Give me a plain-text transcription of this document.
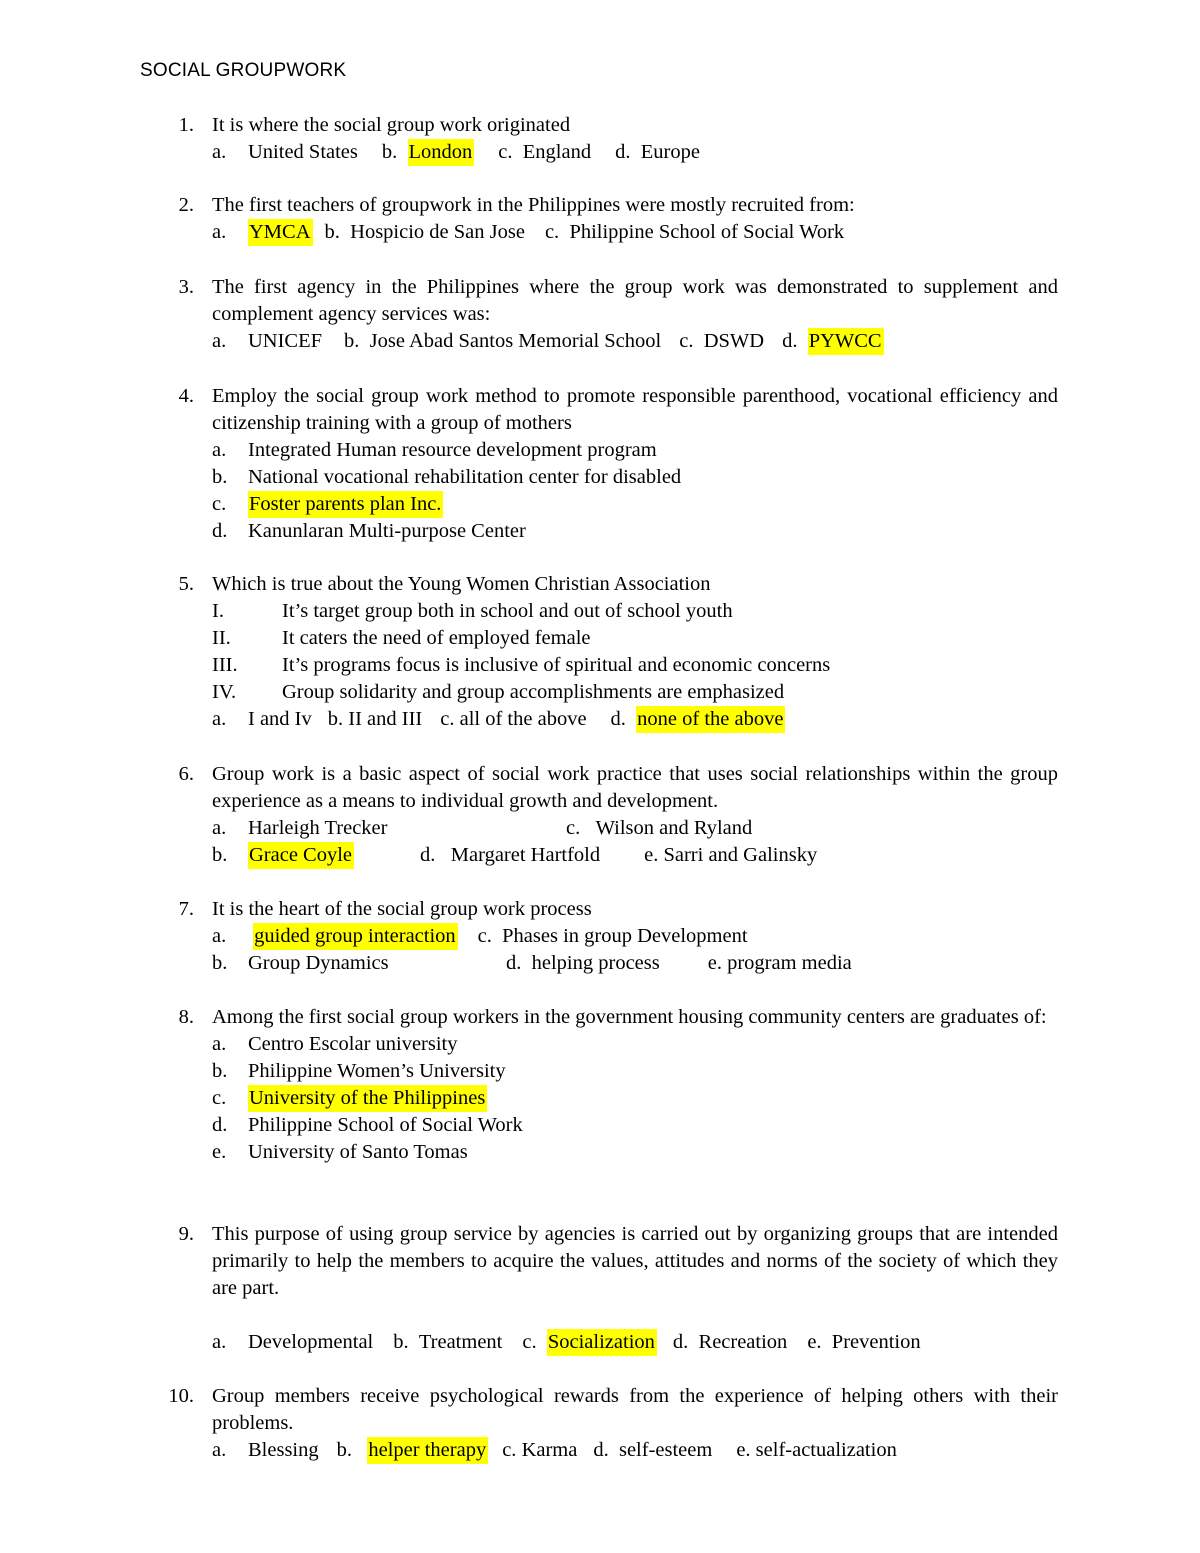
SOCIAL GROUPWORK
1. It is where the social group work originated
a. United States b.  London c.  England d.  Europe
2. The first teachers of groupwork in the Philippines were mostly recruited from:
a. YMCA b.  Hospicio de San Jose c.  Philippine School of Social Work
3. The first agency in the Philippines where the group work was demonstrated to supplement and complement agency services was:
a. UNICEF b.  Jose Abad Santos Memorial School c.  DSWD d.  PYWCC
4. Employ the social group work method to promote responsible parenthood, vocational efficiency and citizenship training with a group of mothers
a. Integrated Human resource development program
b. National vocational rehabilitation center for disabled
c. Foster parents plan Inc.
d. Kanunlaran Multi-purpose Center
5. Which is true about the Young Women Christian Association
I.	It’s target group both in school and out of school youth
II. It caters the need of employed female
III. It’s programs focus is inclusive of spiritual and economic concerns
IV. Group solidarity and group accomplishments are emphasized
a. I and Iv b. II and III c. all of the above d.  none of the above
6. Group work is a basic aspect of social work practice that uses social relationships within the group experience as a means to individual growth and development.
a. Harleigh Trecker	c.   Wilson and Ryland
b. Grace Coyle	d.   Margaret Hartfold e. Sarri and Galinsky
7. It is the heart of the social group work process
a. guided group interaction c.  Phases in group Development
b. Group Dynamics	d.  helping process e. program media
8. Among the first social group workers in the government housing community centers are graduates of:
a. Centro Escolar university
b. Philippine Women’s University
c. University of the Philippines
d. Philippine School of Social Work
e. University of Santo Tomas
9. This purpose of using group service by agencies is carried out by organizing groups that are intended primarily to help the members to acquire the values, attitudes and norms of the society of which they are part.
a. Developmental b.  Treatment c.  Socialization d.  Recreation e.  Prevention
10. Group members receive psychological rewards from the experience of helping others with their problems.
a. Blessing b.   helper therapy c. Karma d.  self-esteem e. self-actualization
